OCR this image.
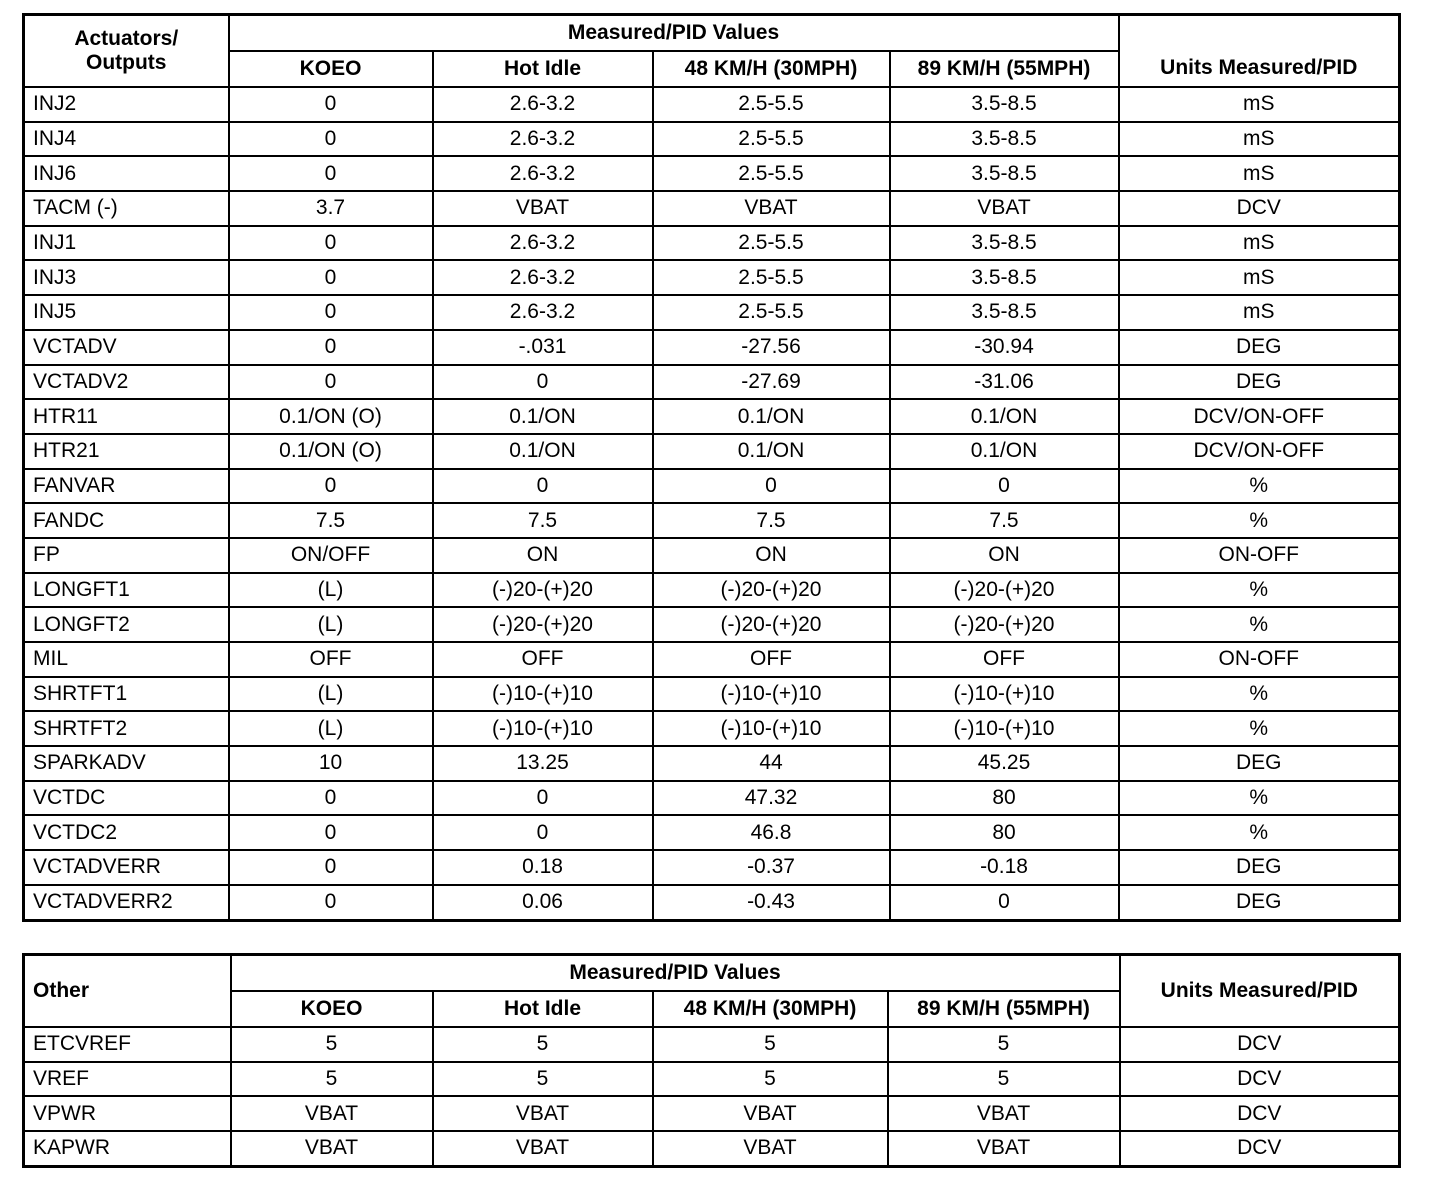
Actuators/
Outputs	Measured/PID Values				Units Measured/PID
	KOEO	Hot Idle	48 KM/H (30MPH)	89 KM/H (55MPH)	
INJ2	0	2.6-3.2	2.5-5.5	3.5-8.5	mS
INJ4	0	2.6-3.2	2.5-5.5	3.5-8.5	mS
INJ6	0	2.6-3.2	2.5-5.5	3.5-8.5	mS
TACM (-)	3.7	VBAT	VBAT	VBAT	DCV
INJ1	0	2.6-3.2	2.5-5.5	3.5-8.5	mS
INJ3	0	2.6-3.2	2.5-5.5	3.5-8.5	mS
INJ5	0	2.6-3.2	2.5-5.5	3.5-8.5	mS
VCTADV	0	-.031	-27.56	-30.94	DEG
VCTADV2	0	0	-27.69	-31.06	DEG
HTR11	0.1/ON (O)	0.1/ON	0.1/ON	0.1/ON	DCV/ON-OFF
HTR21	0.1/ON (O)	0.1/ON	0.1/ON	0.1/ON	DCV/ON-OFF
FANVAR	0	0	0	0	%
FANDC	7.5	7.5	7.5	7.5	%
FP	ON/OFF	ON	ON	ON	ON-OFF
LONGFT1	(L)	(-)20-(+)20	(-)20-(+)20	(-)20-(+)20	%
LONGFT2	(L)	(-)20-(+)20	(-)20-(+)20	(-)20-(+)20	%
MIL	OFF	OFF	OFF	OFF	ON-OFF
SHRTFT1	(L)	(-)10-(+)10	(-)10-(+)10	(-)10-(+)10	%
SHRTFT2	(L)	(-)10-(+)10	(-)10-(+)10	(-)10-(+)10	%
SPARKADV	10	13.25	44	45.25	DEG
VCTDC	0	0	47.32	80	%
VCTDC2	0	0	46.8	80	%
VCTADVERR	0	0.18	-0.37	-0.18	DEG
VCTADVERR2	0	0.06	-0.43	0	DEG
Other	Measured/PID Values				Units Measured/PID
	KOEO	Hot Idle	48 KM/H (30MPH)	89 KM/H (55MPH)	
ETCVREF	5	5	5	5	DCV
VREF	5	5	5	5	DCV
VPWR	VBAT	VBAT	VBAT	VBAT	DCV
KAPWR	VBAT	VBAT	VBAT	VBAT	DCV
